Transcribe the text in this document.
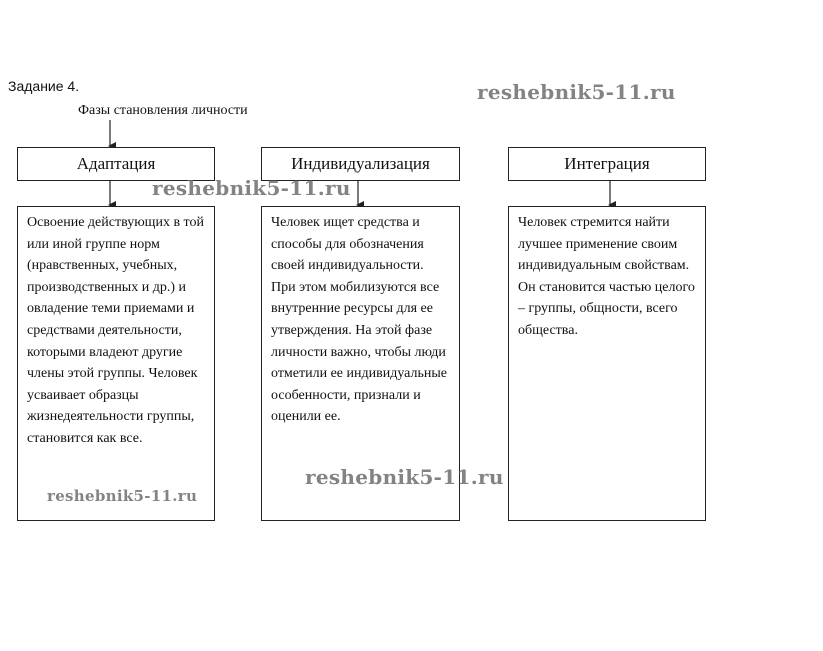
Задание 4.
Фазы становления личности
Адаптация	Индивидуализация	Интеграция
Освоение действующих в той или иной группе норм (нравственных, учебных, производственных и др.) и овладение теми приемами и средствами деятельности, которыми владеют другие члены этой группы. Человек усваивает образцы жизнедеятельности группы, становится как все.
Человек ищет средства и способы для обозначения своей индивидуальности. При этом мобилизуются все внутренние ресурсы для ее утверждения. На этой фазе личности важно, чтобы люди отметили ее индивидуальные особенности, признали и оценили ее.
Человек стремится найти лучшее применение своим индивидуальным свойствам. Он становится частью целого – группы, общности, всего общества.
reshebnik5-11.ru
reshebnik5-11.ru
reshebnik5-11.ru
reshebnik5-11.ru
